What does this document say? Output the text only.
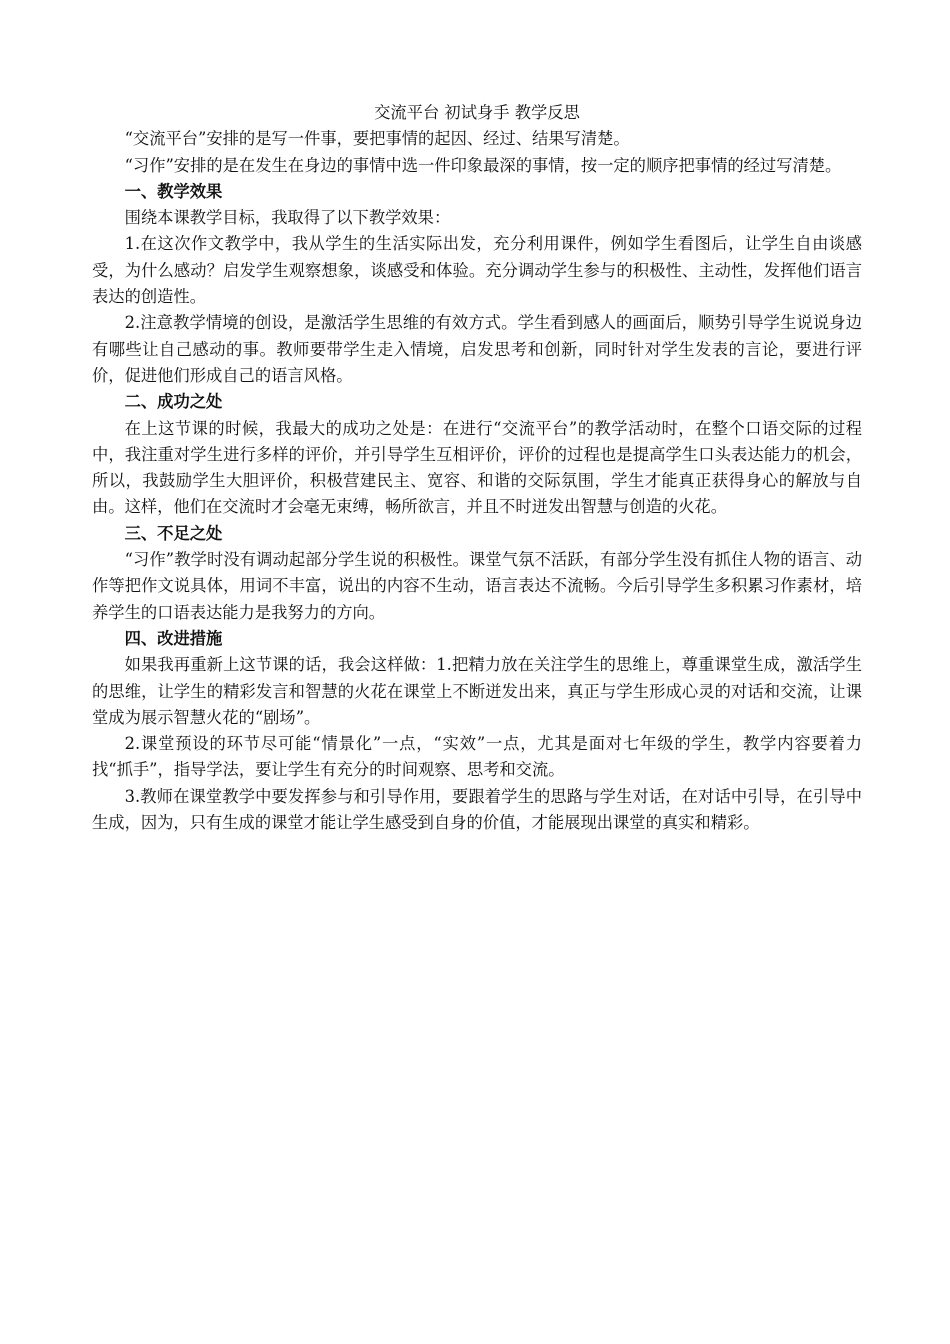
交流平台 初试身手 教学反思

“交流平台”安排的是写一件事，要把事情的起因、经过、结果写清楚。

“习作”安排的是在发生在身边的事情中选一件印象最深的事情，按一定的顺序把事情的经过写清楚。

一、教学效果

围绕本课教学目标，我取得了以下教学效果：

1.在这次作文教学中，我从学生的生活实际出发，充分利用课件，例如学生看图后，让学生自由谈感受，为什么感动？启发学生观察想象，谈感受和体验。充分调动学生参与的积极性、主动性，发挥他们语言表达的创造性。

2.注意教学情境的创设，是激活学生思维的有效方式。学生看到感人的画面后，顺势引导学生说说身边有哪些让自己感动的事。教师要带学生走入情境，启发思考和创新，同时针对学生发表的言论，要进行评价，促进他们形成自己的语言风格。

二、成功之处

在上这节课的时候，我最大的成功之处是：在进行“交流平台”的教学活动时，在整个口语交际的过程中，我注重对学生进行多样的评价，并引导学生互相评价，评价的过程也是提高学生口头表达能力的机会，所以，我鼓励学生大胆评价，积极营建民主、宽容、和谐的交际氛围，学生才能真正获得身心的解放与自由。这样，他们在交流时才会毫无束缚，畅所欲言，并且不时迸发出智慧与创造的火花。

三、不足之处

“习作”教学时没有调动起部分学生说的积极性。课堂气氛不活跃，有部分学生没有抓住人物的语言、动作等把作文说具体，用词不丰富，说出的内容不生动，语言表达不流畅。今后引导学生多积累习作素材，培养学生的口语表达能力是我努力的方向。

四、改进措施

如果我再重新上这节课的话，我会这样做：1.把精力放在关注学生的思维上，尊重课堂生成，激活学生的思维，让学生的精彩发言和智慧的火花在课堂上不断迸发出来，真正与学生形成心灵的对话和交流，让课堂成为展示智慧火花的“剧场”。

2.课堂预设的环节尽可能“情景化”一点，“实效”一点，尤其是面对七年级的学生，教学内容要着力找“抓手”，指导学法，要让学生有充分的时间观察、思考和交流。

3.教师在课堂教学中要发挥参与和引导作用，要跟着学生的思路与学生对话，在对话中引导，在引导中生成，因为，只有生成的课堂才能让学生感受到自身的价值，才能展现出课堂的真实和精彩。
